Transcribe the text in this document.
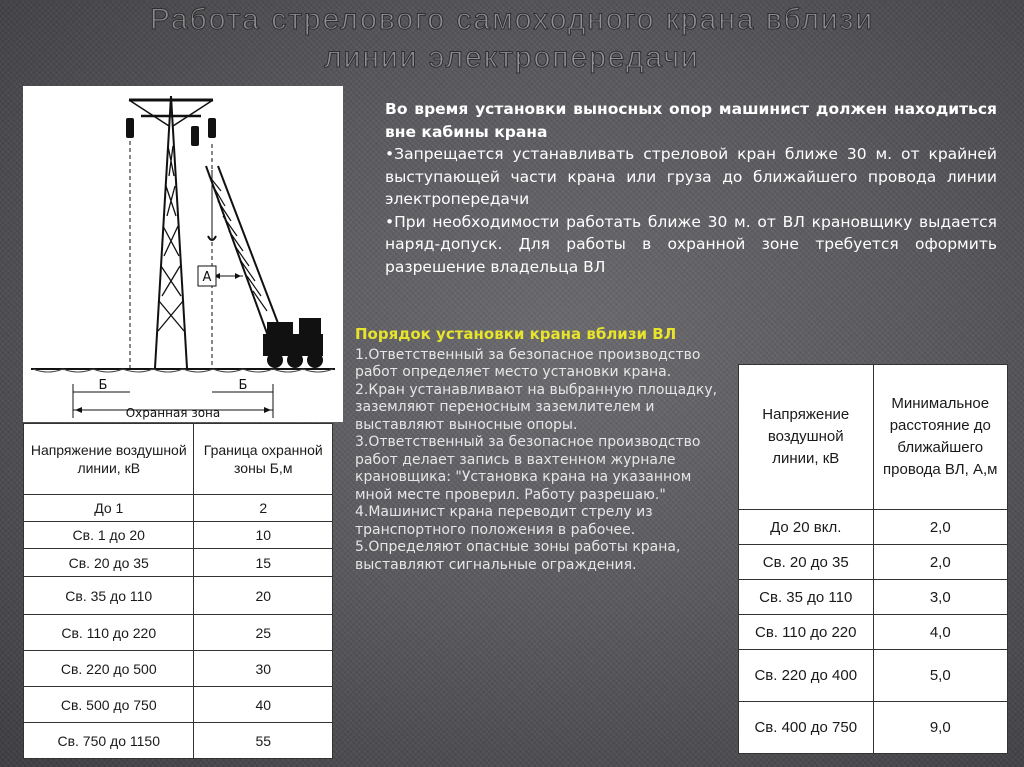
Работа стрелового самоходного крана вблизи
линии электропередачи
А
Б	Б
Охранная зона

Во время установки выносных опор машинист должен находиться вне кабины крана

•Запрещается устанавливать стреловой кран ближе 30 м. от крайней выступающей части крана или груза до ближайшего провода линии электропередачи

•При необходимости работать ближе 30 м. от ВЛ крановщику выдается наряд-допуск. Для работы в охранной зоне требуется оформить разрешение владельца ВЛ

Порядок установки крана вблизи ВЛ

1.Ответственный за безопасное производство работ определяет место установки крана.

2.Кран устанавливают на выбранную площадку, заземляют переносным заземлителем и выставляют выносные опоры.

3.Ответственный за безопасное производство работ делает запись в вахтенном журнале крановщика: "Установка крана на указанном мной месте проверил. Работу разрешаю."

4.Машинист крана переводит стрелу из транспортного положения в рабочее.

5.Определяют опасные зоны работы крана, выставляют сигнальные ограждения.

Напряжение воздушной линии, кВ	Граница охранной зоны Б,м
До 1	2
Св. 1 до 20	10
Св. 20 до 35	15
Св. 35 до 110	20
Св. 110 до 220	25
Св. 220 до 500	30
Св. 500 до 750	40
Св. 750 до 1150	55
Напряжение воздушной линии, кВ	Минимальное расстояние до ближайшего провода ВЛ, А,м
До 20 вкл.	2,0
Св. 20 до 35	2,0
Св. 35 до 110	3,0
Св. 110 до 220	4,0
Св. 220 до 400	5,0
Св. 400 до 750	9,0
